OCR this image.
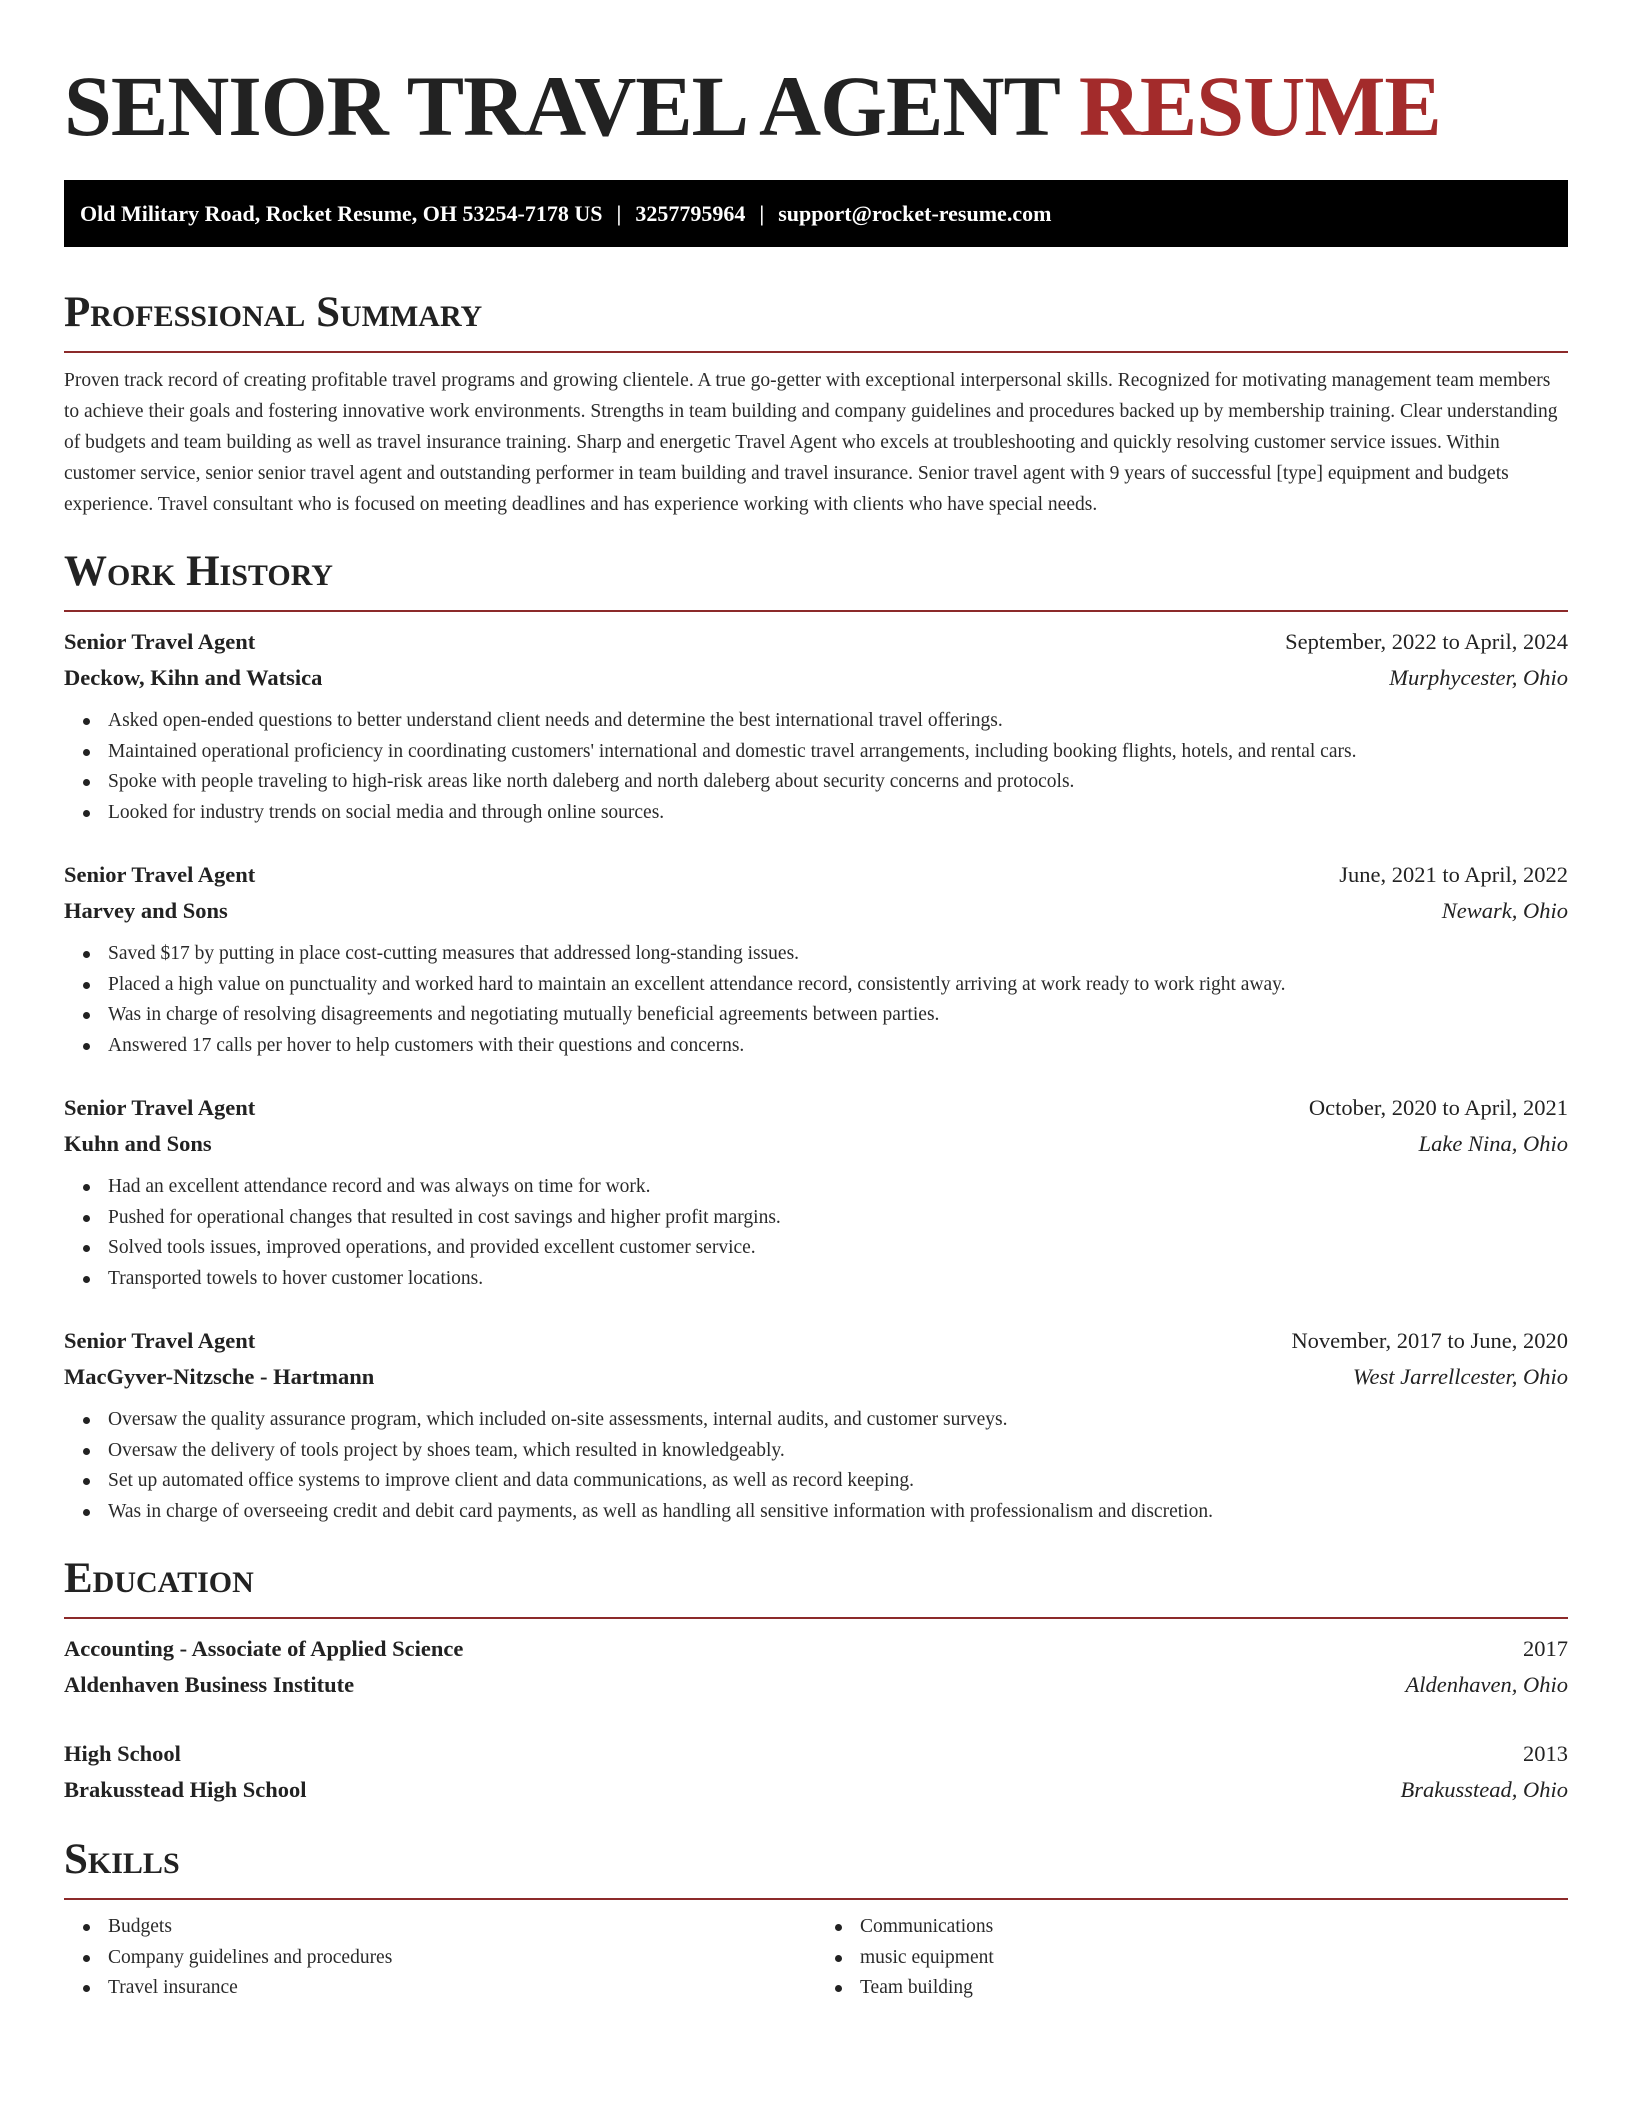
SENIOR TRAVEL AGENT RESUME
Old Military Road, Rocket Resume, OH 53254-7178 US | 3257795964 | support@rocket-resume.com
Professional Summary

Proven track record of creating profitable travel programs and growing clientele. A true go-getter with exceptional interpersonal skills. Recognized for motivating management team members to achieve their goals and fostering innovative work environments. Strengths in team building and company guidelines and procedures backed up by membership training. Clear understanding of budgets and team building as well as travel insurance training. Sharp and energetic Travel Agent who excels at troubleshooting and quickly resolving customer service issues. Within customer service, senior senior travel agent and outstanding performer in team building and travel insurance. Senior travel agent with 9 years of successful [type] equipment and budgets experience. Travel consultant who is focused on meeting deadlines and has experience working with clients who have special needs.

Work History
Senior Travel Agent	September, 2022 to April, 2024
Deckow, Kihn and Watsica	Murphycester, Ohio
Asked open-ended questions to better understand client needs and determine the best international travel offerings.
Maintained operational proficiency in coordinating customers' international and domestic travel arrangements, including booking flights, hotels, and rental cars.
Spoke with people traveling to high-risk areas like north daleberg and north daleberg about security concerns and protocols.
Looked for industry trends on social media and through online sources.
Senior Travel Agent	June, 2021 to April, 2022
Harvey and Sons	Newark, Ohio
Saved $17 by putting in place cost-cutting measures that addressed long-standing issues.
Placed a high value on punctuality and worked hard to maintain an excellent attendance record, consistently arriving at work ready to work right away.
Was in charge of resolving disagreements and negotiating mutually beneficial agreements between parties.
Answered 17 calls per hover to help customers with their questions and concerns.
Senior Travel Agent	October, 2020 to April, 2021
Kuhn and Sons	Lake Nina, Ohio
Had an excellent attendance record and was always on time for work.
Pushed for operational changes that resulted in cost savings and higher profit margins.
Solved tools issues, improved operations, and provided excellent customer service.
Transported towels to hover customer locations.
Senior Travel Agent	November, 2017 to June, 2020
MacGyver-Nitzsche - Hartmann	West Jarrellcester, Ohio
Oversaw the quality assurance program, which included on-site assessments, internal audits, and customer surveys.
Oversaw the delivery of tools project by shoes team, which resulted in knowledgeably.
Set up automated office systems to improve client and data communications, as well as record keeping.
Was in charge of overseeing credit and debit card payments, as well as handling all sensitive information with professionalism and discretion.
Education
Accounting - Associate of Applied Science	2017
Aldenhaven Business Institute	Aldenhaven, Ohio
High School	2013
Brakusstead High School	Brakusstead, Ohio
Skills
Budgets
Company guidelines and procedures
Travel insurance
Communications
music equipment
Team building
